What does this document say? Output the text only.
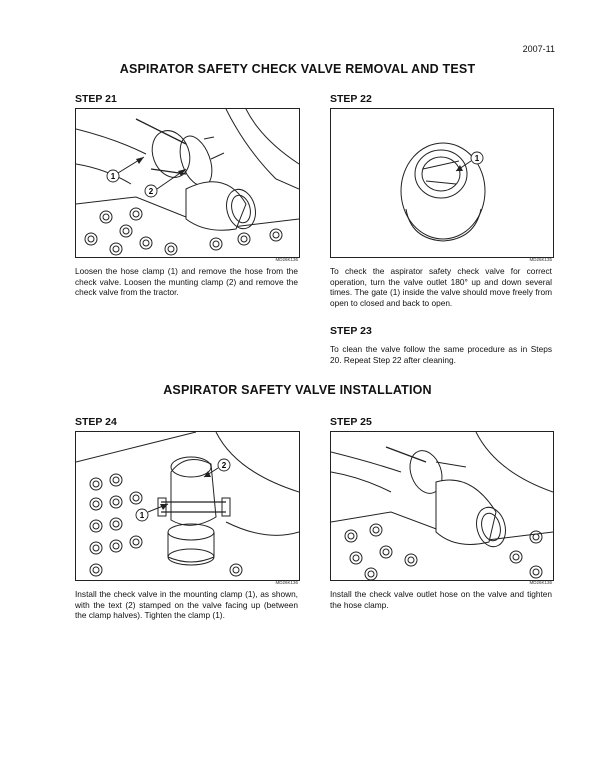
2007-11
ASPIRATOR SAFETY CHECK VALVE REMOVAL AND TEST
STEP 21
1
2
MD26K136
Loosen the hose clamp (1) and remove the hose from the check valve. Loosen the munting clamp (2) and remove the check valve from the tractor.
STEP 22
1
MD26K135
To check the aspirator safety check valve for correct operation, turn the valve outlet 180° up and down several times. The gate (1) inside the valve should move freely from open to closed and back to open.
STEP 23
To clean the valve follow the same procedure as in Steps 20. Repeat Step 22 after cleaning.
ASPIRATOR SAFETY VALVE INSTALLATION
STEP 24
2
1
MD26K136
Install the check valve in the mounting clamp (1), as shown, with the text (2) stamped on the valve facing up (between the clamp halves). Tighten the clamp (1).
STEP 25
MD26K136
Install the check valve outlet hose on the valve and tighten the hose clamp.
